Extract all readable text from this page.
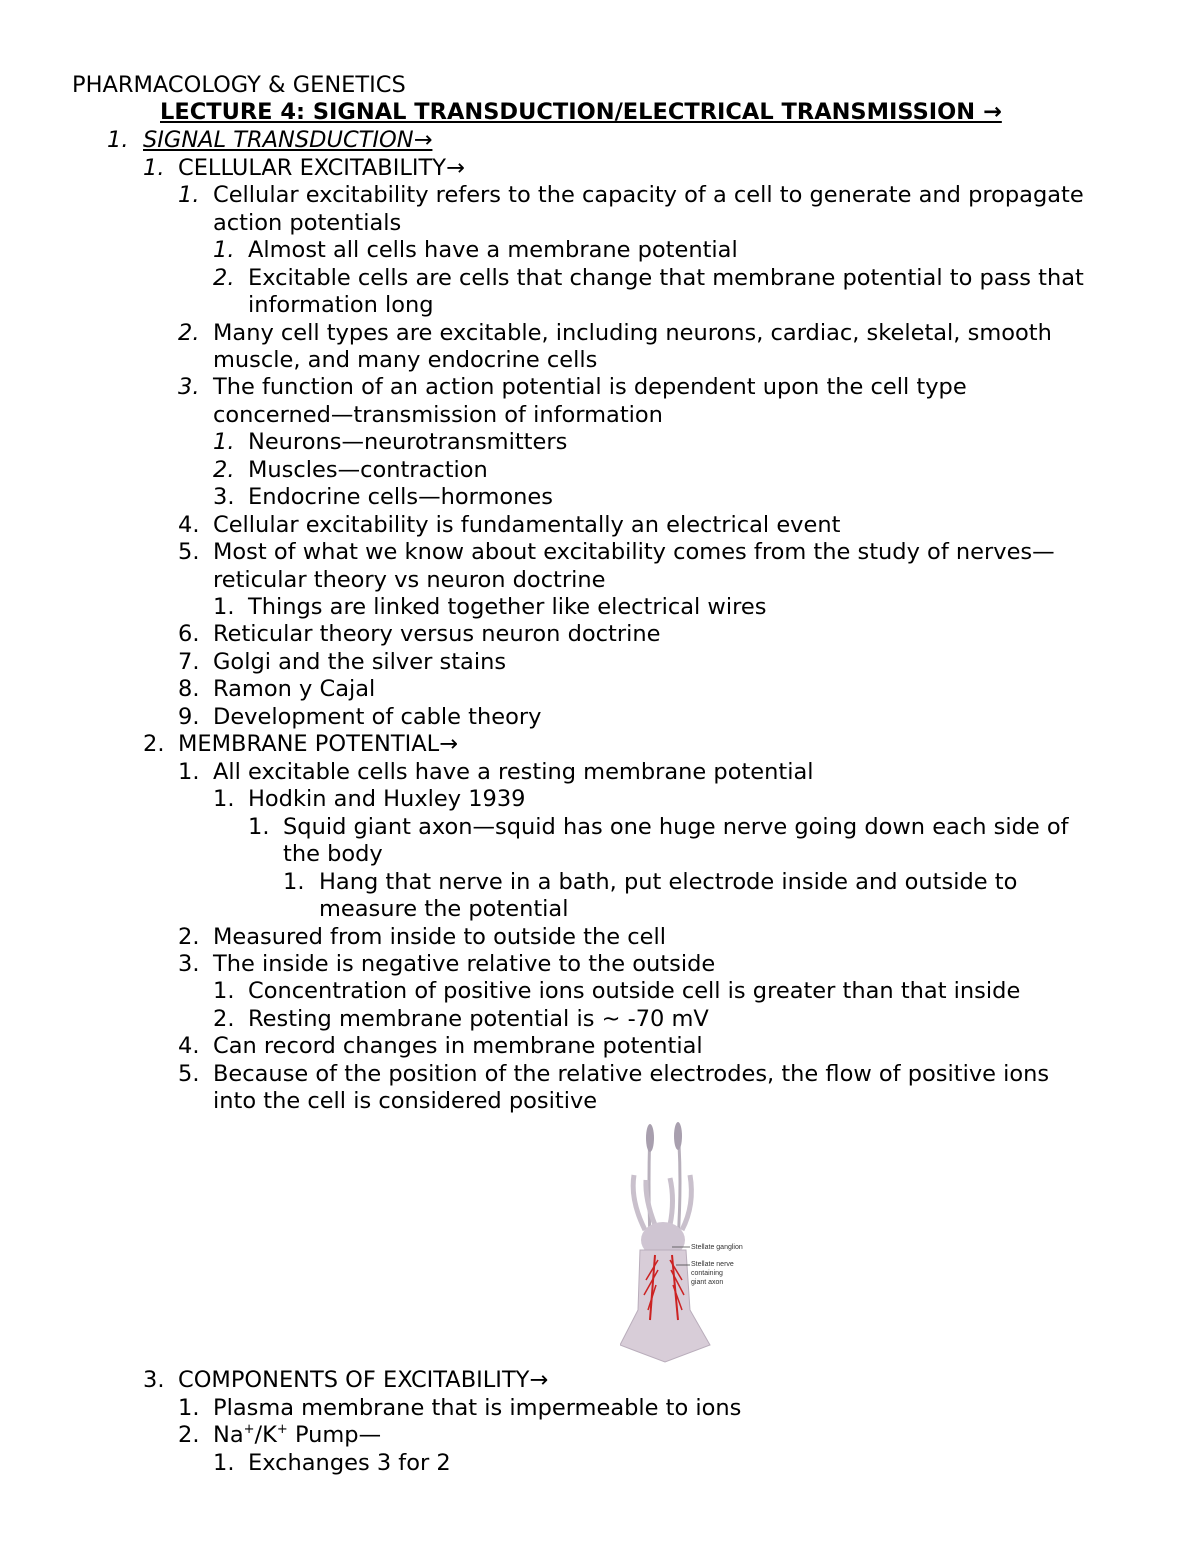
PHARMACOLOGY & GENETICS
LECTURE 4: SIGNAL TRANSDUCTION/ELECTRICAL TRANSMISSION →
1. SIGNAL TRANSDUCTION→
1. CELLULAR EXCITABILITY→
1. Cellular excitability refers to the capacity of a cell to generate and propagate
action potentials
1. Almost all cells have a membrane potential
2. Excitable cells are cells that change that membrane potential to pass that
information long
2. Many cell types are excitable, including neurons, cardiac, skeletal, smooth
muscle, and many endocrine cells
3. The function of an action potential is dependent upon the cell type
concerned—transmission of information
1. Neurons—neurotransmitters
2. Muscles—contraction
3. Endocrine cells—hormones
4. Cellular excitability is fundamentally an electrical event
5. Most of what we know about excitability comes from the study of nerves—
reticular theory vs neuron doctrine
1. Things are linked together like electrical wires
6. Reticular theory versus neuron doctrine
7. Golgi and the silver stains
8. Ramon y Cajal
9. Development of cable theory
2. MEMBRANE POTENTIAL→
1. All excitable cells have a resting membrane potential
1. Hodkin and Huxley 1939
1. Squid giant axon—squid has one huge nerve going down each side of
the body
1. Hang that nerve in a bath, put electrode inside and outside to
measure the potential
2. Measured from inside to outside the cell
3. The inside is negative relative to the outside
1. Concentration of positive ions outside cell is greater than that inside
2. Resting membrane potential is ~ -70 mV
4. Can record changes in membrane potential
5. Because of the position of the relative electrodes, the flow of positive ions
into the cell is considered positive
Stellate ganglion
Stellate nerve
containing
giant axon
3. COMPONENTS OF EXCITABILITY→
1. Plasma membrane that is impermeable to ions
2. Na+/K+ Pump—
1. Exchanges 3 for 2
